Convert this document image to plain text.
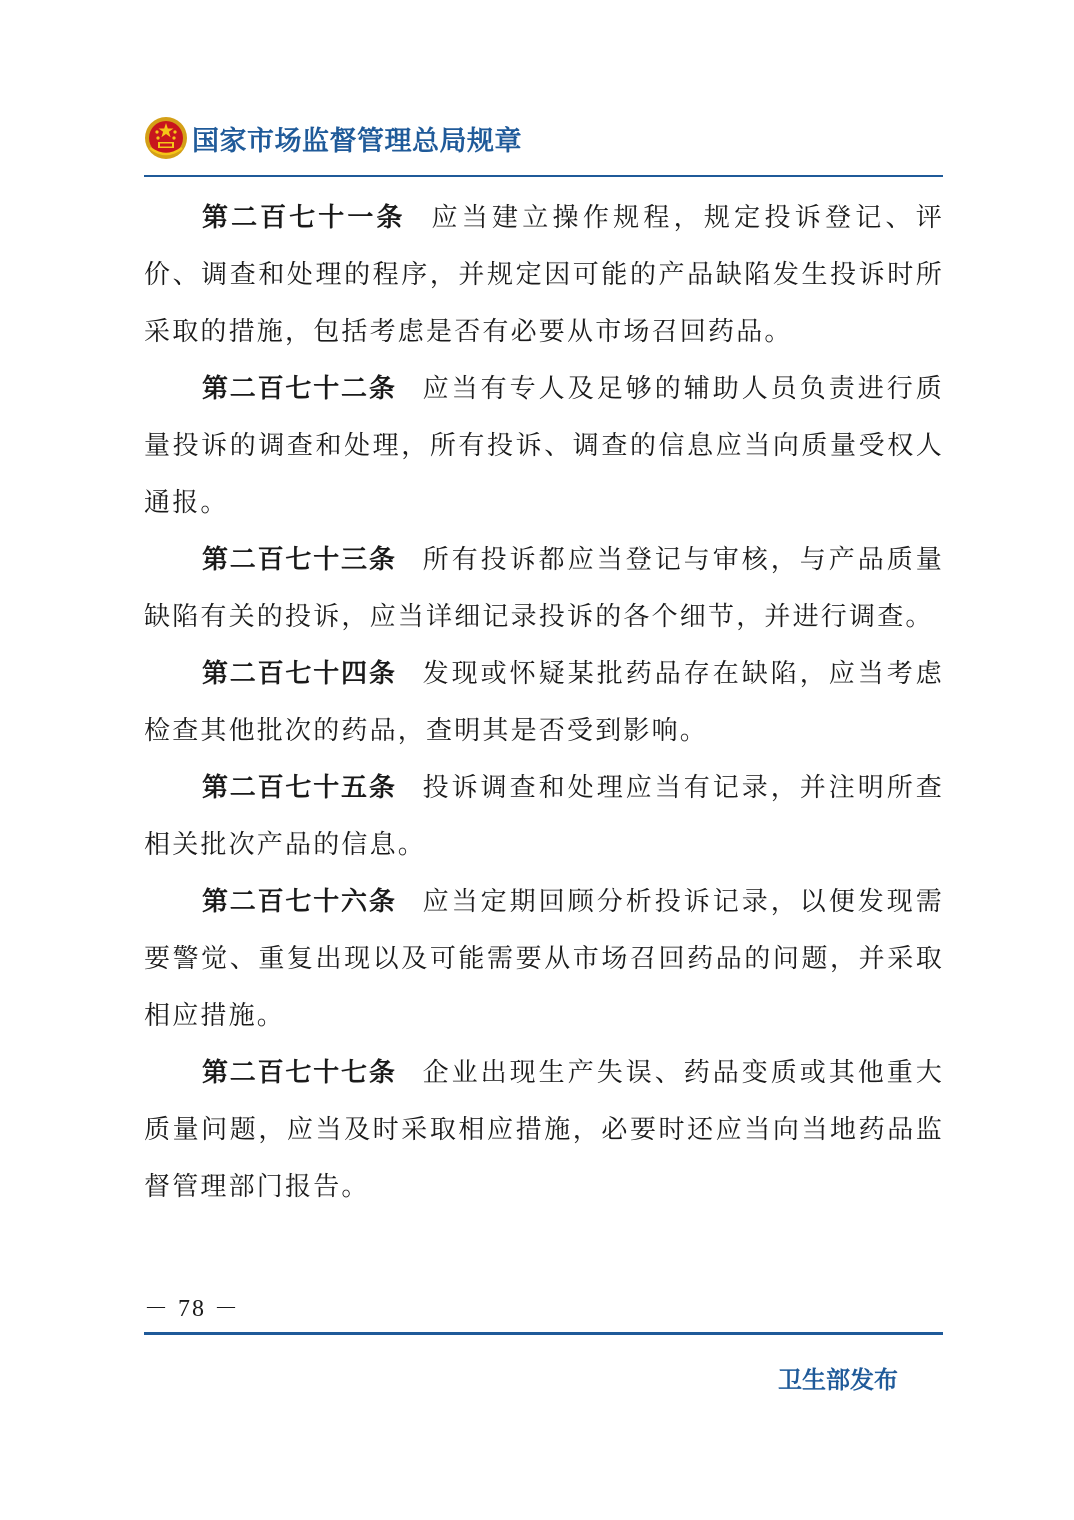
国家市场监督管理总局规章

第二百七十一条 应当建立操作规程，规定投诉登记、评价、调查和处理的程序，并规定因可能的产品缺陷发生投诉时所采取的措施，包括考虑是否有必要从市场召回药品。

第二百七十二条 应当有专人及足够的辅助人员负责进行质量投诉的调查和处理，所有投诉、调查的信息应当向质量受权人通报。

第二百七十三条 所有投诉都应当登记与审核，与产品质量缺陷有关的投诉，应当详细记录投诉的各个细节，并进行调查。

第二百七十四条 发现或怀疑某批药品存在缺陷，应当考虑检查其他批次的药品，查明其是否受到影响。

第二百七十五条 投诉调查和处理应当有记录，并注明所查相关批次产品的信息。

第二百七十六条 应当定期回顾分析投诉记录，以便发现需要警觉、重复出现以及可能需要从市场召回药品的问题，并采取相应措施。

第二百七十七条 企业出现生产失误、药品变质或其他重大质量问题，应当及时采取相应措施，必要时还应当向当地药品监督管理部门报告。

－ 78 －
卫生部发布
